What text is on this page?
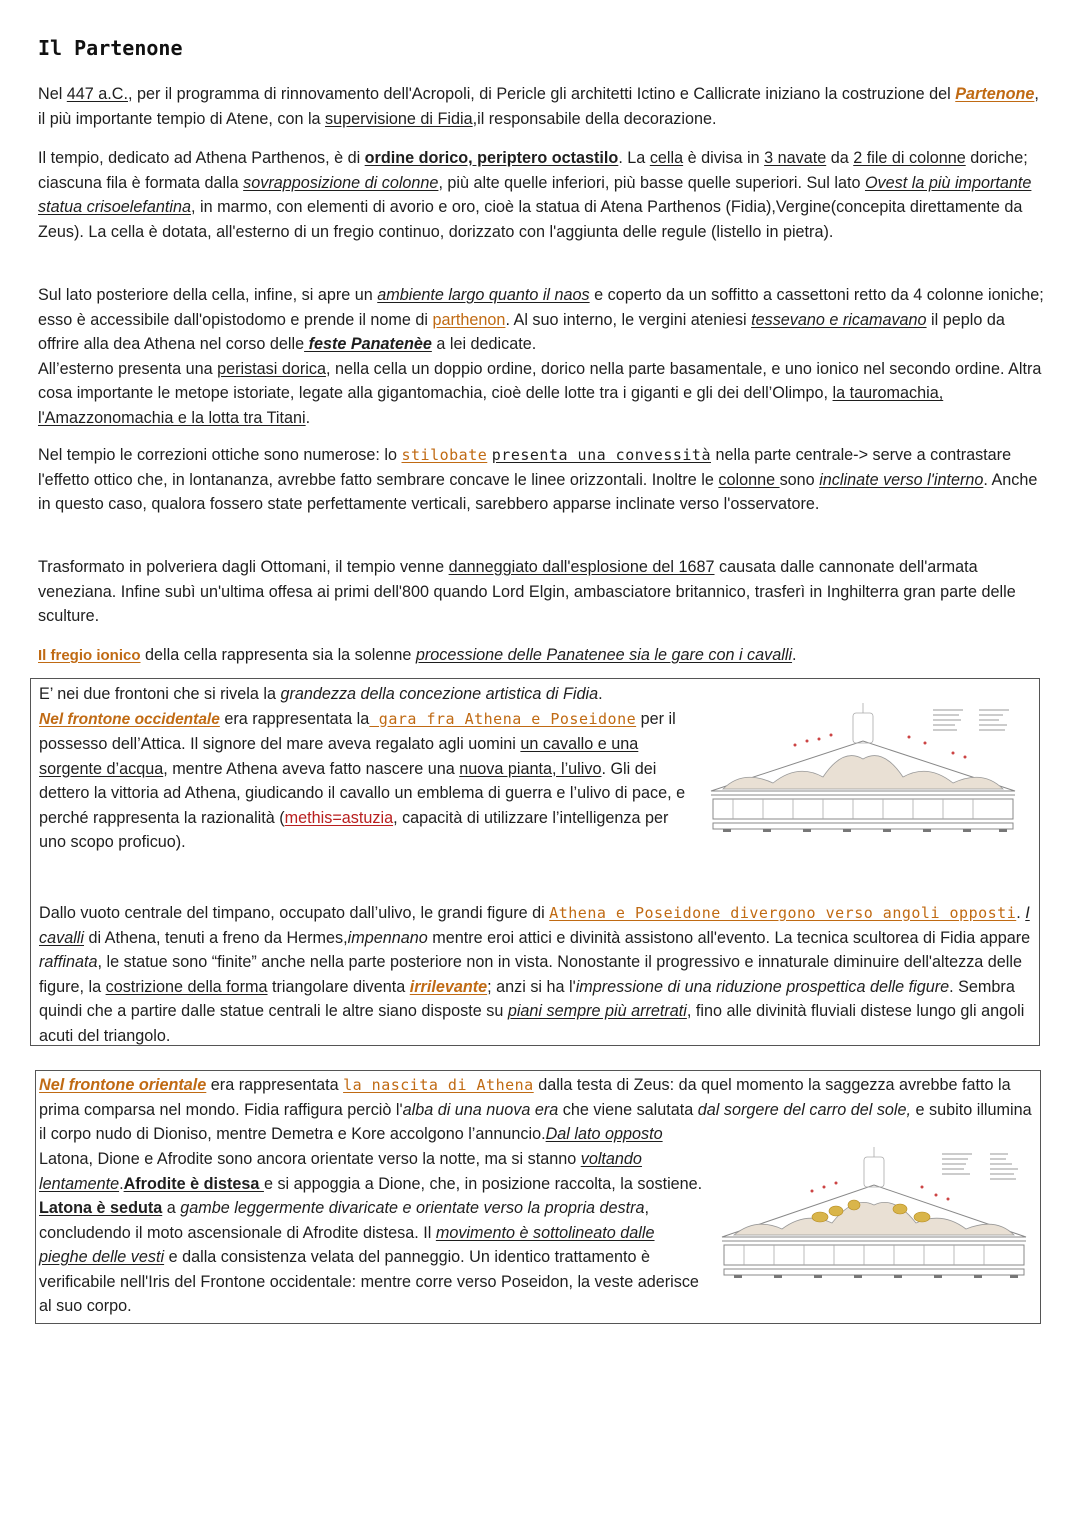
Il Partenone

Nel 447 a.C., per il programma di rinnovamento dell'Acropoli, di Pericle gli architetti Ictino e Callicrate iniziano la costruzione del Partenone, il più importante tempio di Atene, con la supervisione di Fidia,il responsabile della decorazione.

Il tempio, dedicato ad Athena Parthenos, è di ordine dorico, periptero octastilo. La cella è divisa in 3 navate da 2 file di colonne doriche; ciascuna fila è formata dalla sovrapposizione di colonne, più alte quelle inferiori, più basse quelle superiori. Sul lato Ovest la più importante statua crisoelefantina, in marmo, con elementi di avorio e oro, cioè la statua di Atena Parthenos (Fidia),Vergine(concepita direttamente da Zeus). La cella è dotata, all'esterno di un fregio continuo, dorizzato con l'aggiunta delle regule (listello in pietra).

Sul lato posteriore della cella, infine, si apre un ambiente largo quanto il naos e coperto da un soffitto a cassettoni retto da 4 colonne ioniche; esso è accessibile dall'opistodomo e prende il nome di parthenon. Al suo interno, le vergini ateniesi tessevano e ricamavano il peplo da offrire alla dea Athena nel corso delle feste Panatenèe a lei dedicate.
All’esterno presenta una peristasi dorica, nella cella un doppio ordine, dorico nella parte basamentale, e uno ionico nel secondo ordine. Altra cosa importante le metope istoriate, legate alla gigantomachia, cioè delle lotte tra i giganti e gli dei dell’Olimpo, la tauromachia, l'Amazzonomachia e la lotta tra Titani.

Nel tempio le correzioni ottiche sono numerose: lo stilobate presenta una convessità nella parte centrale-> serve a contrastare l'effetto ottico che, in lontananza, avrebbe fatto sembrare concave le linee orizzontali. Inoltre le colonne sono inclinate verso l'interno. Anche in questo caso, qualora fossero state perfettamente verticali, sarebbero apparse inclinate verso l'osservatore.

Trasformato in polveriera dagli Ottomani, il tempio venne danneggiato dall'esplosione del 1687 causata dalle cannonate dell'armata veneziana. Infine subì un'ultima offesa ai primi dell'800 quando Lord Elgin, ambasciatore britannico, trasferì in Inghilterra gran parte delle sculture.

Il fregio ionico della cella rappresenta sia la solenne processione delle Panatenee sia le gare con i cavalli.

E’ nei due frontoni che si rivela la grandezza della concezione artistica di Fidia.
Nel frontone occidentale era rappresentata la gara fra Athena e Poseidone per il possesso dell’Attica. Il signore del mare aveva regalato agli uomini un cavallo e una sorgente d’acqua, mentre Athena aveva fatto nascere una nuova pianta, l’ulivo. Gli dei dettero la vittoria ad Athena, giudicando il cavallo un emblema di guerra e l’ulivo di pace, e perché rappresenta la razionalità (methis=astuzia, capacità di utilizzare l’intelligenza per uno scopo proficuo).

Dallo vuoto centrale del timpano, occupato dall’ulivo, le grandi figure di Athena e Poseidone divergono verso angoli opposti. I cavalli di Athena, tenuti a freno da Hermes,impennano mentre eroi attici e divinità assistono all'evento. La tecnica scultorea di Fidia appare raffinata, le statue sono “finite” anche nella parte posteriore non in vista. Nonostante il progressivo e innaturale diminuire dell'altezza delle figure, la costrizione della forma triangolare diventa irrilevante; anzi si ha l'impressione di una riduzione prospettica delle figure. Sembra quindi che a partire dalle statue centrali le altre siano disposte su piani sempre più arretrati, fino alle divinità fluviali distese lungo gli angoli acuti del triangolo.

Nel frontone orientale era rappresentata la nascita di Athena dalla testa di Zeus: da quel momento la saggezza avrebbe fatto la prima comparsa nel mondo. Fidia raffigura perciò l'alba di una nuova era che viene salutata dal sorgere del carro del sole, e subito illumina il corpo nudo di Dioniso, mentre Demetra e Kore accolgono l’annuncio.Dal lato opposto

Latona, Dione e Afrodite sono ancora orientate verso la notte, ma si stanno voltando lentamente.Afrodite è distesa e si appoggia a Dione, che, in posizione raccolta, la sostiene. Latona è seduta a gambe leggermente divaricate e orientate verso la propria destra, concludendo il moto ascensionale di Afrodite distesa. Il movimento è sottolineato dalle pieghe delle vesti e dalla consistenza velata del panneggio. Un identico trattamento è verificabile nell'Iris del Frontone occidentale: mentre corre verso Poseidon, la veste aderisce al suo corpo.
